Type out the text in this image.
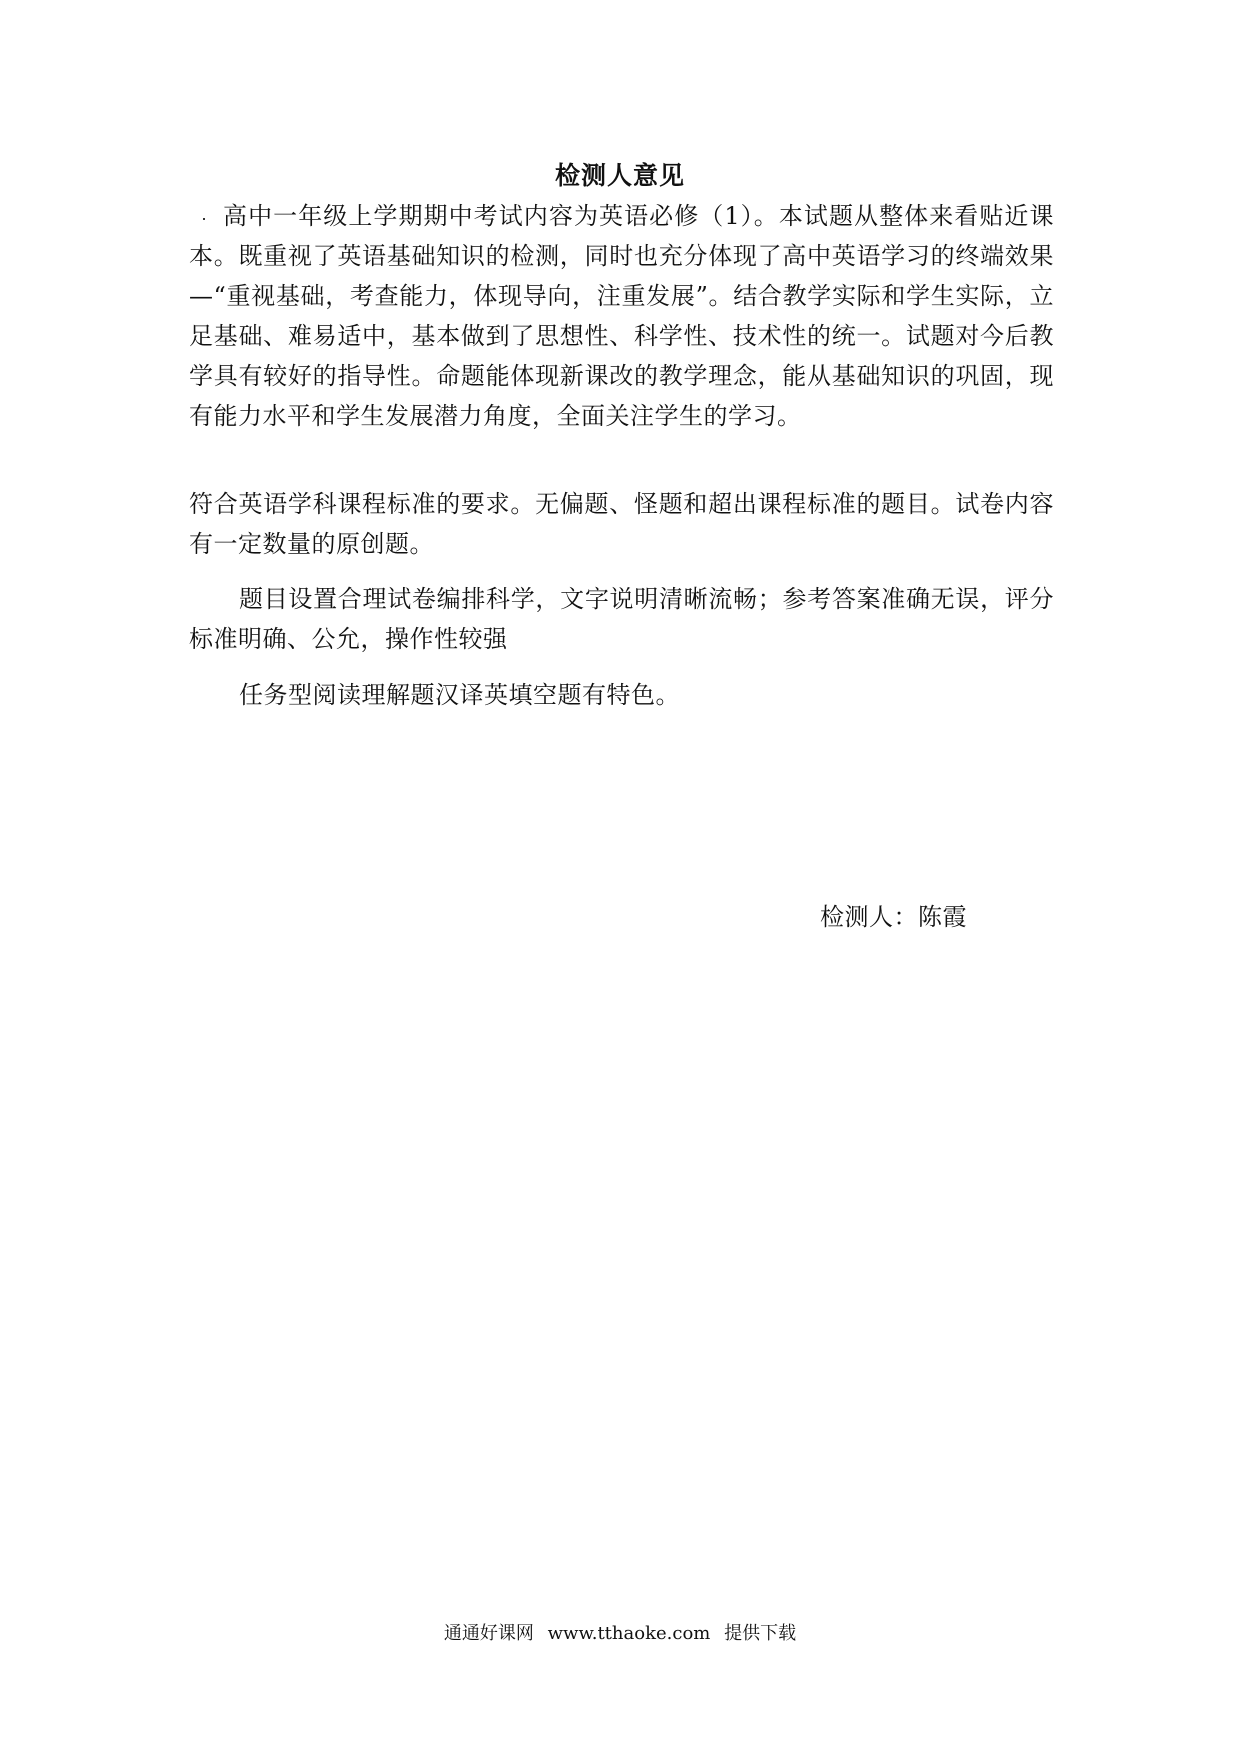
检测人意见

高中一年级上学期期中考试内容为英语必修（1）。本试题从整体来看贴近课本。既重视了英语基础知识的检测，同时也充分体现了高中英语学习的终端效果—“重视基础，考查能力，体现导向，注重发展”。结合教学实际和学生实际，立足基础、难易适中，基本做到了思想性、科学性、技术性的统一。试题对今后教学具有较好的指导性。命题能体现新课改的教学理念，能从基础知识的巩固，现有能力水平和学生发展潜力角度，全面关注学生的学习。

符合英语学科课程标准的要求。无偏题、怪题和超出课程标准的题目。试卷内容有一定数量的原创题。

题目设置合理试卷编排科学，文字说明清晰流畅；参考答案准确无误，评分标准明确、公允，操作性较强

任务型阅读理解题汉译英填空题有特色。

检测人：陈霞
通通好课网 www.tthaoke.com 提供下载
